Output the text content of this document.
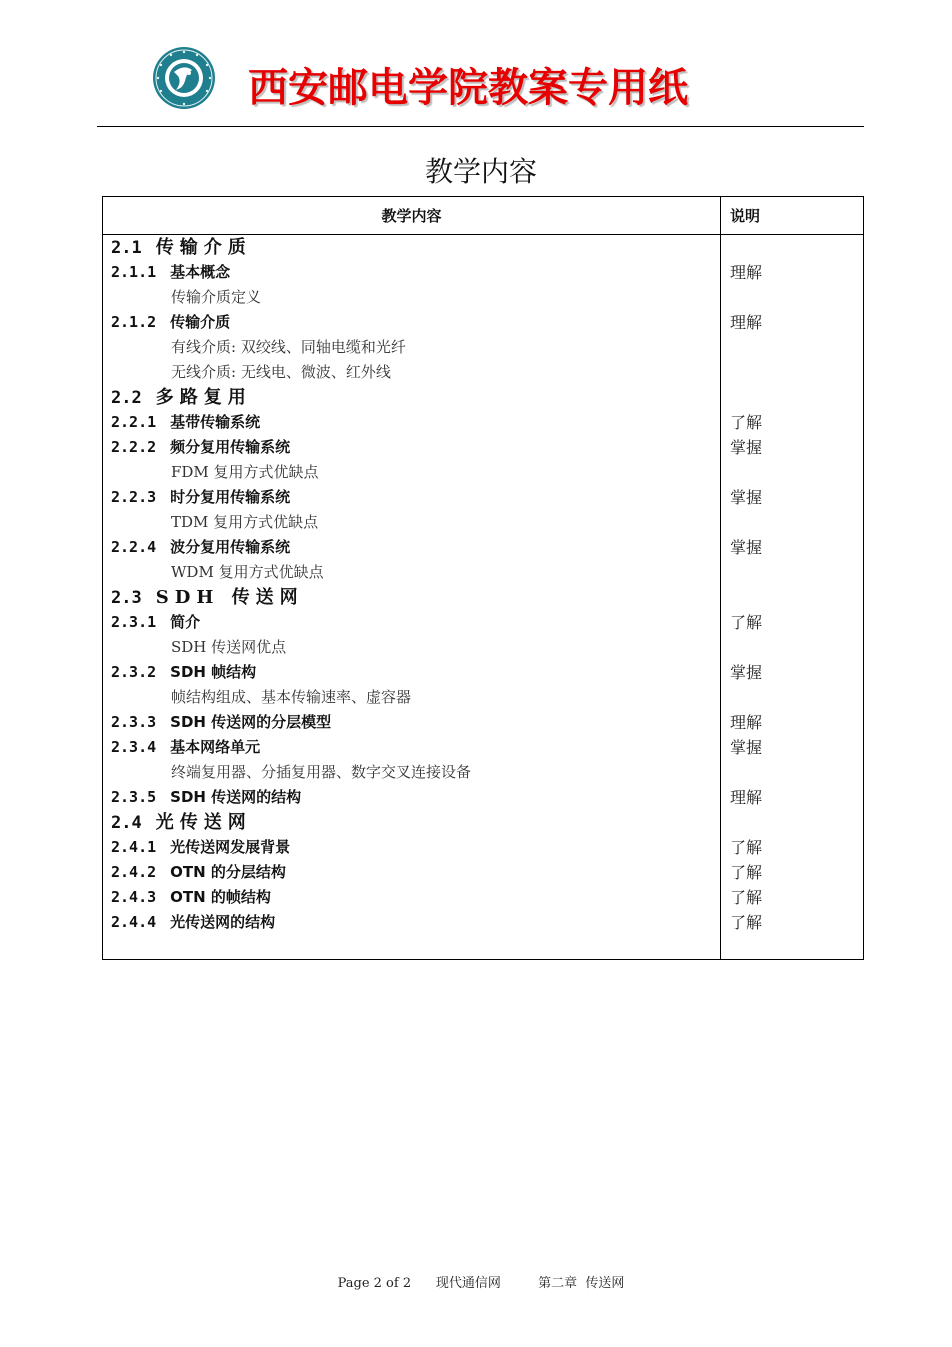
西安邮电学院教案专用纸
教学内容
教学内容	说明
2.1 传输介质
2.1.1 基本概念	理解
传输介质定义
2.1.2 传输介质	理解
有线介质: 双绞线、同轴电缆和光纤
无线介质: 无线电、微波、红外线
2.2 多路复用
2.2.1 基带传输系统	了解
2.2.2 频分复用传输系统	掌握
FDM 复用方式优缺点
2.2.3 时分复用传输系统	掌握
TDM 复用方式优缺点
2.2.4 波分复用传输系统	掌握
WDM 复用方式优缺点
2.3 SDH 传送网
2.3.1 简介	了解
SDH 传送网优点
2.3.2 SDH 帧结构	掌握
帧结构组成、基本传输速率、虚容器
2.3.3 SDH 传送网的分层模型	理解
2.3.4 基本网络单元	掌握
终端复用器、分插复用器、数字交叉连接设备
2.3.5 SDH 传送网的结构	理解
2.4 光传送网
2.4.1 光传送网发展背景	了解
2.4.2 OTN 的分层结构	了解
2.4.3 OTN 的帧结构	了解
2.4.4 光传送网的结构	了解
Page 2 of 2 现代通信网	第二章  传送网
